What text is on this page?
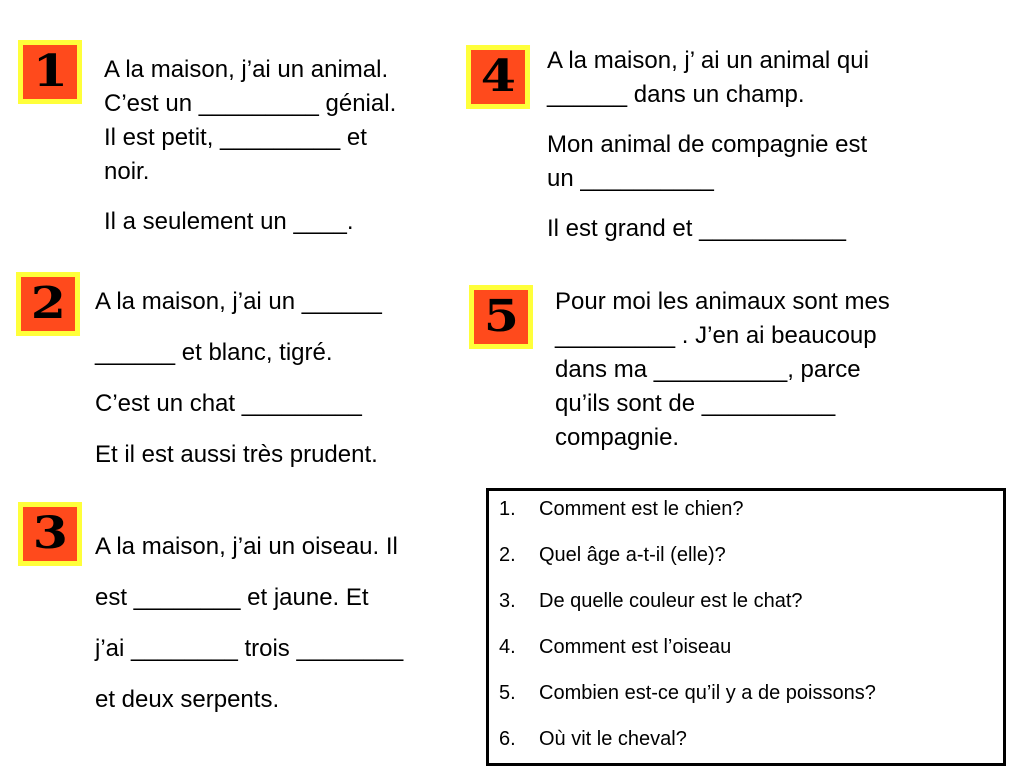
1 A la maison, j’ai un animal.

C’est un _________ génial.

Il est petit, _________ et

noir.

Il a seulement un ____.

2 A la maison, j’ai un ______

______ et blanc, tigré.

C’est un chat _________

Et il est aussi très prudent.

3 A la maison, j’ai un oiseau. Il

est ________ et jaune. Et

j’ai ________ trois ________

et deux serpents.

4 A la maison, j’ ai un animal qui

______ dans un champ.

Mon animal de compagnie est

un __________

Il est grand et ___________

5 Pour moi les animaux sont mes

_________ . J’en ai beaucoup

dans ma __________, parce

qu’ils sont de __________

compagnie.

1.	Comment est le chien?
2.	Quel âge a-t-il (elle)?
3.	De quelle couleur est le chat?
4.	Comment est l’oiseau
5.	Combien est-ce qu’il y a de poissons?
6.	Où vit le cheval?
